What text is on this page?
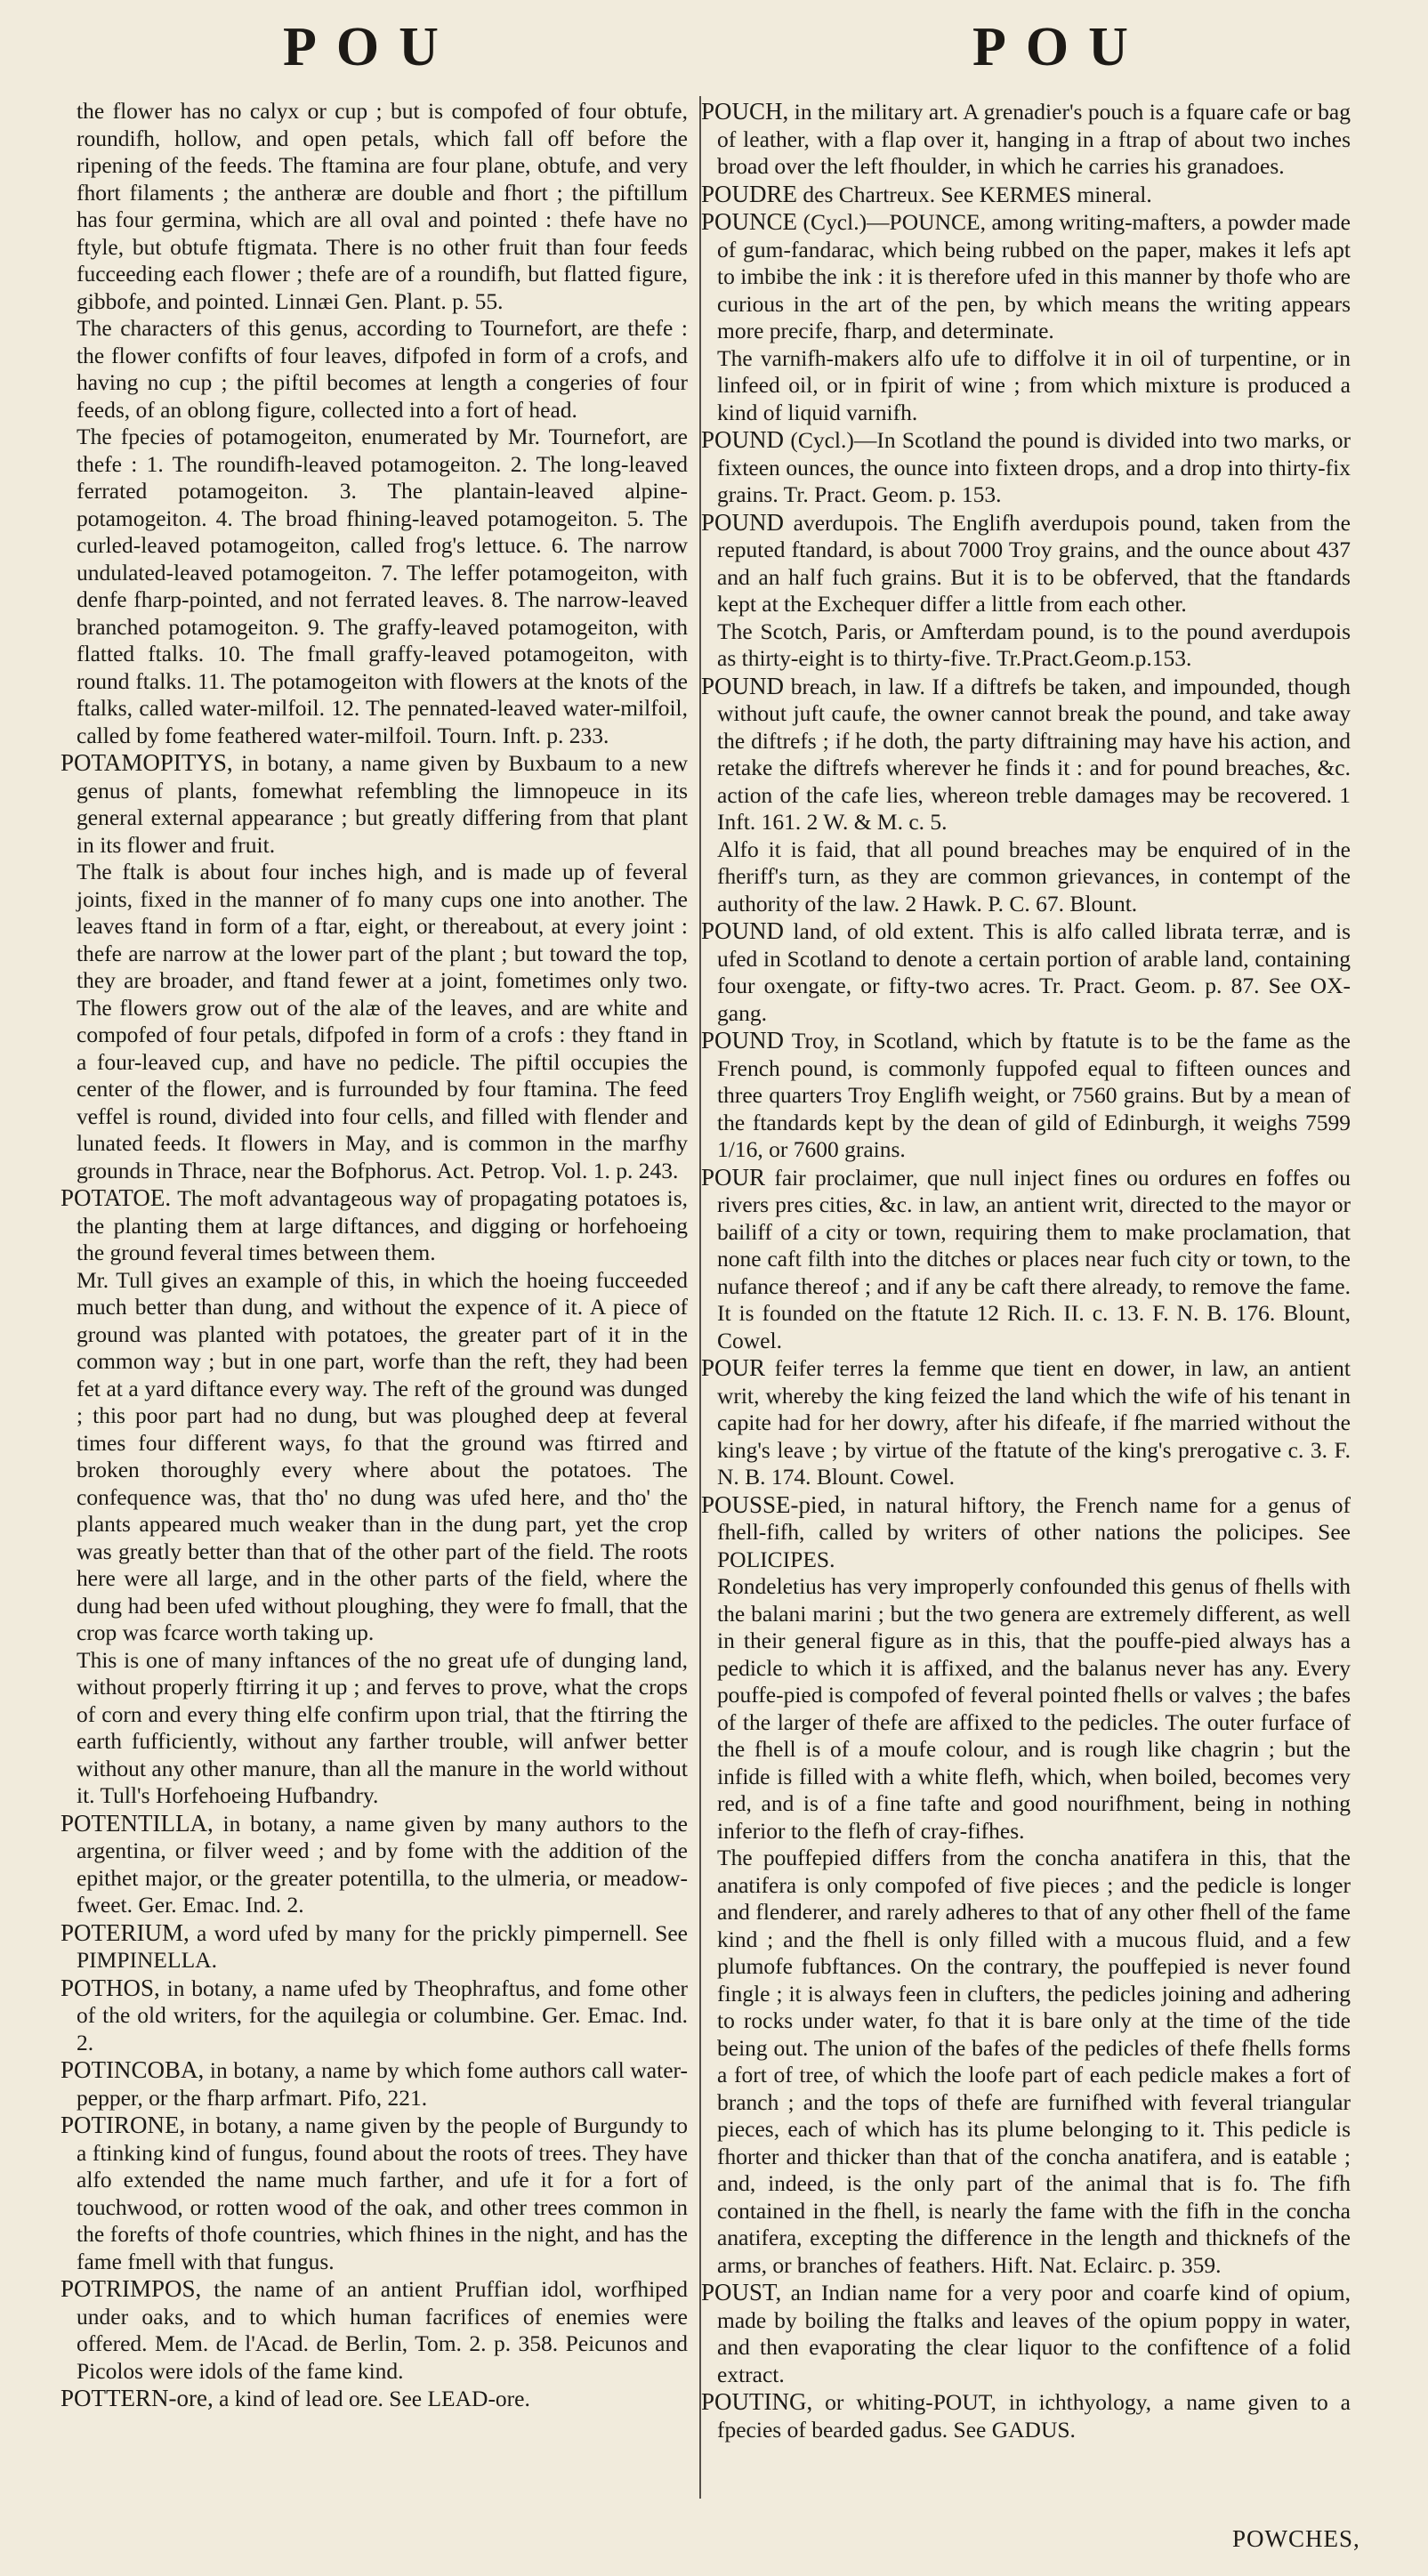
POU	POU

the flower has no calyx or cup ; but is compofed of four obtufe, roundifh, hollow, and open petals, which fall off before the ripening of the feeds. The ftamina are four plane, obtufe, and very fhort filaments ; the antheræ are double and fhort ; the piftillum has four germina, which are all oval and pointed : thefe have no ftyle, but obtufe ftigmata. There is no other fruit than four feeds fucceeding each flower ; thefe are of a roundifh, but flatted figure, gibbofe, and pointed. Linnæi Gen. Plant. p. 55.

The characters of this genus, according to Tournefort, are thefe : the flower confifts of four leaves, difpofed in form of a crofs, and having no cup ; the piftil becomes at length a congeries of four feeds, of an oblong figure, collected into a fort of head.

The fpecies of potamogeiton, enumerated by Mr. Tournefort, are thefe : 1. The roundifh-leaved potamogeiton. 2. The long-leaved ferrated potamogeiton. 3. The plantain-leaved alpine-potamogeiton. 4. The broad fhining-leaved potamogeiton. 5. The curled-leaved potamogeiton, called frog's lettuce. 6. The narrow undulated-leaved potamogeiton. 7. The leffer potamogeiton, with denfe fharp-pointed, and not ferrated leaves. 8. The narrow-leaved branched potamogeiton. 9. The graffy-leaved potamogeiton, with flatted ftalks. 10. The fmall graffy-leaved potamogeiton, with round ftalks. 11. The potamogeiton with flowers at the knots of the ftalks, called water-milfoil. 12. The pennated-leaved water-milfoil, called by fome feathered water-milfoil. Tourn. Inft. p. 233.

POTAMOPITYS, in botany, a name given by Buxbaum to a new genus of plants, fomewhat refembling the limnopeuce in its general external appearance ; but greatly differing from that plant in its flower and fruit.

The ftalk is about four inches high, and is made up of feveral joints, fixed in the manner of fo many cups one into another. The leaves ftand in form of a ftar, eight, or thereabout, at every joint : thefe are narrow at the lower part of the plant ; but toward the top, they are broader, and ftand fewer at a joint, fometimes only two. The flowers grow out of the alæ of the leaves, and are white and compofed of four petals, difpofed in form of a crofs : they ftand in a four-leaved cup, and have no pedicle. The piftil occupies the center of the flower, and is furrounded by four ftamina. The feed veffel is round, divided into four cells, and filled with flender and lunated feeds. It flowers in May, and is common in the marfhy grounds in Thrace, near the Bofphorus. Act. Petrop. Vol. 1. p. 243.

POTATOE. The moft advantageous way of propagating potatoes is, the planting them at large diftances, and digging or horfehoeing the ground feveral times between them.

Mr. Tull gives an example of this, in which the hoeing fucceeded much better than dung, and without the expence of it. A piece of ground was planted with potatoes, the greater part of it in the common way ; but in one part, worfe than the reft, they had been fet at a yard diftance every way. The reft of the ground was dunged ; this poor part had no dung, but was ploughed deep at feveral times four different ways, fo that the ground was ftirred and broken thoroughly every where about the potatoes. The confequence was, that tho' no dung was ufed here, and tho' the plants appeared much weaker than in the dung part, yet the crop was greatly better than that of the other part of the field. The roots here were all large, and in the other parts of the field, where the dung had been ufed without ploughing, they were fo fmall, that the crop was fcarce worth taking up.

This is one of many inftances of the no great ufe of dunging land, without properly ftirring it up ; and ferves to prove, what the crops of corn and every thing elfe confirm upon trial, that the ftirring the earth fufficiently, without any farther trouble, will anfwer better without any other manure, than all the manure in the world without it. Tull's Horfehoeing Hufbandry.

POTENTILLA, in botany, a name given by many authors to the argentina, or filver weed ; and by fome with the addition of the epithet major, or the greater potentilla, to the ulmeria, or meadow-fweet. Ger. Emac. Ind. 2.

POTERIUM, a word ufed by many for the prickly pimpernell. See PIMPINELLA.

POTHOS, in botany, a name ufed by Theophraftus, and fome other of the old writers, for the aquilegia or columbine. Ger. Emac. Ind. 2.

POTINCOBA, in botany, a name by which fome authors call water-pepper, or the fharp arfmart. Pifo, 221.

POTIRONE, in botany, a name given by the people of Burgundy to a ftinking kind of fungus, found about the roots of trees. They have alfo extended the name much farther, and ufe it for a fort of touchwood, or rotten wood of the oak, and other trees common in the forefts of thofe countries, which fhines in the night, and has the fame fmell with that fungus.

POTRIMPOS, the name of an antient Pruffian idol, worfhiped under oaks, and to which human facrifices of enemies were offered. Mem. de l'Acad. de Berlin, Tom. 2. p. 358. Peicunos and Picolos were idols of the fame kind.

POTTERN-ore, a kind of lead ore. See LEAD-ore.

POUCH, in the military art. A grenadier's pouch is a fquare cafe or bag of leather, with a flap over it, hanging in a ftrap of about two inches broad over the left fhoulder, in which he carries his granadoes.

POUDRE des Chartreux. See KERMES mineral.

POUNCE (Cycl.)—POUNCE, among writing-mafters, a powder made of gum-fandarac, which being rubbed on the paper, makes it lefs apt to imbibe the ink : it is therefore ufed in this manner by thofe who are curious in the art of the pen, by which means the writing appears more precife, fharp, and determinate.

The varnifh-makers alfo ufe to diffolve it in oil of turpentine, or in linfeed oil, or in fpirit of wine ; from which mixture is produced a kind of liquid varnifh.

POUND (Cycl.)—In Scotland the pound is divided into two marks, or fixteen ounces, the ounce into fixteen drops, and a drop into thirty-fix grains. Tr. Pract. Geom. p. 153.

POUND averdupois. The Englifh averdupois pound, taken from the reputed ftandard, is about 7000 Troy grains, and the ounce about 437 and an half fuch grains. But it is to be obferved, that the ftandards kept at the Exchequer differ a little from each other.

The Scotch, Paris, or Amfterdam pound, is to the pound averdupois as thirty-eight is to thirty-five. Tr.Pract.Geom.p.153.

POUND breach, in law. If a diftrefs be taken, and impounded, though without juft caufe, the owner cannot break the pound, and take away the diftrefs ; if he doth, the party diftraining may have his action, and retake the diftrefs wherever he finds it : and for pound breaches, &c. action of the cafe lies, whereon treble damages may be recovered. 1 Inft. 161. 2 W. & M. c. 5.

Alfo it is faid, that all pound breaches may be enquired of in the fheriff's turn, as they are common grievances, in contempt of the authority of the law. 2 Hawk. P. C. 67. Blount.

POUND land, of old extent. This is alfo called librata terræ, and is ufed in Scotland to denote a certain portion of arable land, containing four oxengate, or fifty-two acres. Tr. Pract. Geom. p. 87. See OX-gang.

POUND Troy, in Scotland, which by ftatute is to be the fame as the French pound, is commonly fuppofed equal to fifteen ounces and three quarters Troy Englifh weight, or 7560 grains. But by a mean of the ftandards kept by the dean of gild of Edinburgh, it weighs 7599 1/16, or 7600 grains.

POUR fair proclaimer, que null inject fines ou ordures en foffes ou rivers pres cities, &c. in law, an antient writ, directed to the mayor or bailiff of a city or town, requiring them to make proclamation, that none caft filth into the ditches or places near fuch city or town, to the nufance thereof ; and if any be caft there already, to remove the fame. It is founded on the ftatute 12 Rich. II. c. 13. F. N. B. 176. Blount, Cowel.

POUR feifer terres la femme que tient en dower, in law, an antient writ, whereby the king feized the land which the wife of his tenant in capite had for her dowry, after his difeafe, if fhe married without the king's leave ; by virtue of the ftatute of the king's prerogative c. 3. F. N. B. 174. Blount. Cowel.

POUSSE-pied, in natural hiftory, the French name for a genus of fhell-fifh, called by writers of other nations the policipes. See POLICIPES.

Rondeletius has very improperly confounded this genus of fhells with the balani marini ; but the two genera are extremely different, as well in their general figure as in this, that the pouffe-pied always has a pedicle to which it is affixed, and the balanus never has any. Every pouffe-pied is compofed of feveral pointed fhells or valves ; the bafes of the larger of thefe are affixed to the pedicles. The outer furface of the fhell is of a moufe colour, and is rough like chagrin ; but the infide is filled with a white flefh, which, when boiled, becomes very red, and is of a fine tafte and good nourifhment, being in nothing inferior to the flefh of cray-fifhes.

The pouffepied differs from the concha anatifera in this, that the anatifera is only compofed of five pieces ; and the pedicle is longer and flenderer, and rarely adheres to that of any other fhell of the fame kind ; and the fhell is only filled with a mucous fluid, and a few plumofe fubftances. On the contrary, the pouffepied is never found fingle ; it is always feen in clufters, the pedicles joining and adhering to rocks under water, fo that it is bare only at the time of the tide being out. The union of the bafes of the pedicles of thefe fhells forms a fort of tree, of which the loofe part of each pedicle makes a fort of branch ; and the tops of thefe are furnifhed with feveral triangular pieces, each of which has its plume belonging to it. This pedicle is fhorter and thicker than that of the concha anatifera, and is eatable ; and, indeed, is the only part of the animal that is fo. The fifh contained in the fhell, is nearly the fame with the fifh in the concha anatifera, excepting the difference in the length and thicknefs of the arms, or branches of feathers. Hift. Nat. Eclairc. p. 359.

POUST, an Indian name for a very poor and coarfe kind of opium, made by boiling the ftalks and leaves of the opium poppy in water, and then evaporating the clear liquor to the confiftence of a folid extract.

POUTING, or whiting-POUT, in ichthyology, a name given to a fpecies of bearded gadus. See GADUS.

POWCHES,
